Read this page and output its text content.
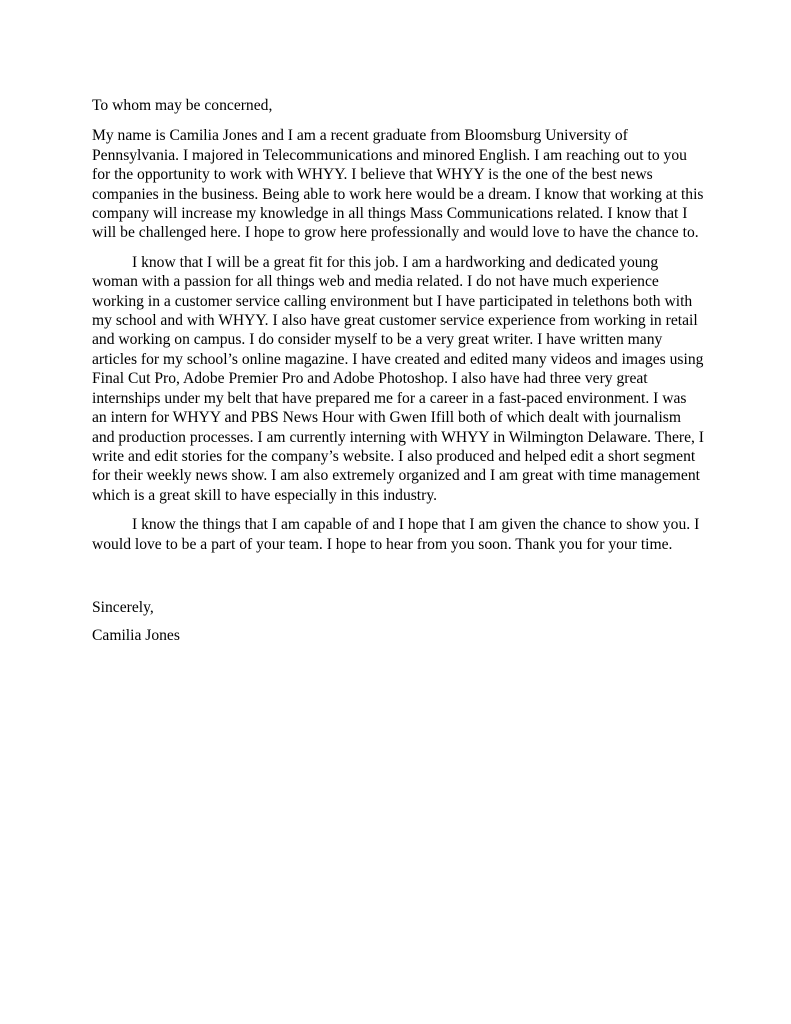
To whom may be concerned,

My name is Camilia Jones and I am a recent graduate from Bloomsburg University of Pennsylvania. I majored in Telecommunications and minored English. I am reaching out to you for the opportunity to work with WHYY. I believe that WHYY is the one of the best news companies in the business. Being able to work here would be a dream. I know that working at this company will increase my knowledge in all things Mass Communications related. I know that I will be challenged here. I hope to grow here professionally and would love to have the chance to.

I know that I will be a great fit for this job. I am a hardworking and dedicated young woman with a passion for all things web and media related. I do not have much experience working in a customer service calling environment but I have participated in telethons both with my school and with WHYY. I also have great customer service experience from working in retail and working on campus. I do consider myself to be a very great writer. I have written many articles for my school’s online magazine. I have created and edited many videos and images using Final Cut Pro, Adobe Premier Pro and Adobe Photoshop. I also have had three very great internships under my belt that have prepared me for a career in a fast-paced environment. I was an intern for WHYY and PBS News Hour with Gwen Ifill both of which dealt with journalism and production processes. I am currently interning with WHYY in Wilmington Delaware. There, I write and edit stories for the company’s website. I also produced and helped edit a short segment for their weekly news show. I am also extremely organized and I am great with time management which is a great skill to have especially in this industry.

I know the things that I am capable of and I hope that I am given the chance to show you. I would love to be a part of your team. I hope to hear from you soon. Thank you for your time.

Sincerely,

Camilia Jones
